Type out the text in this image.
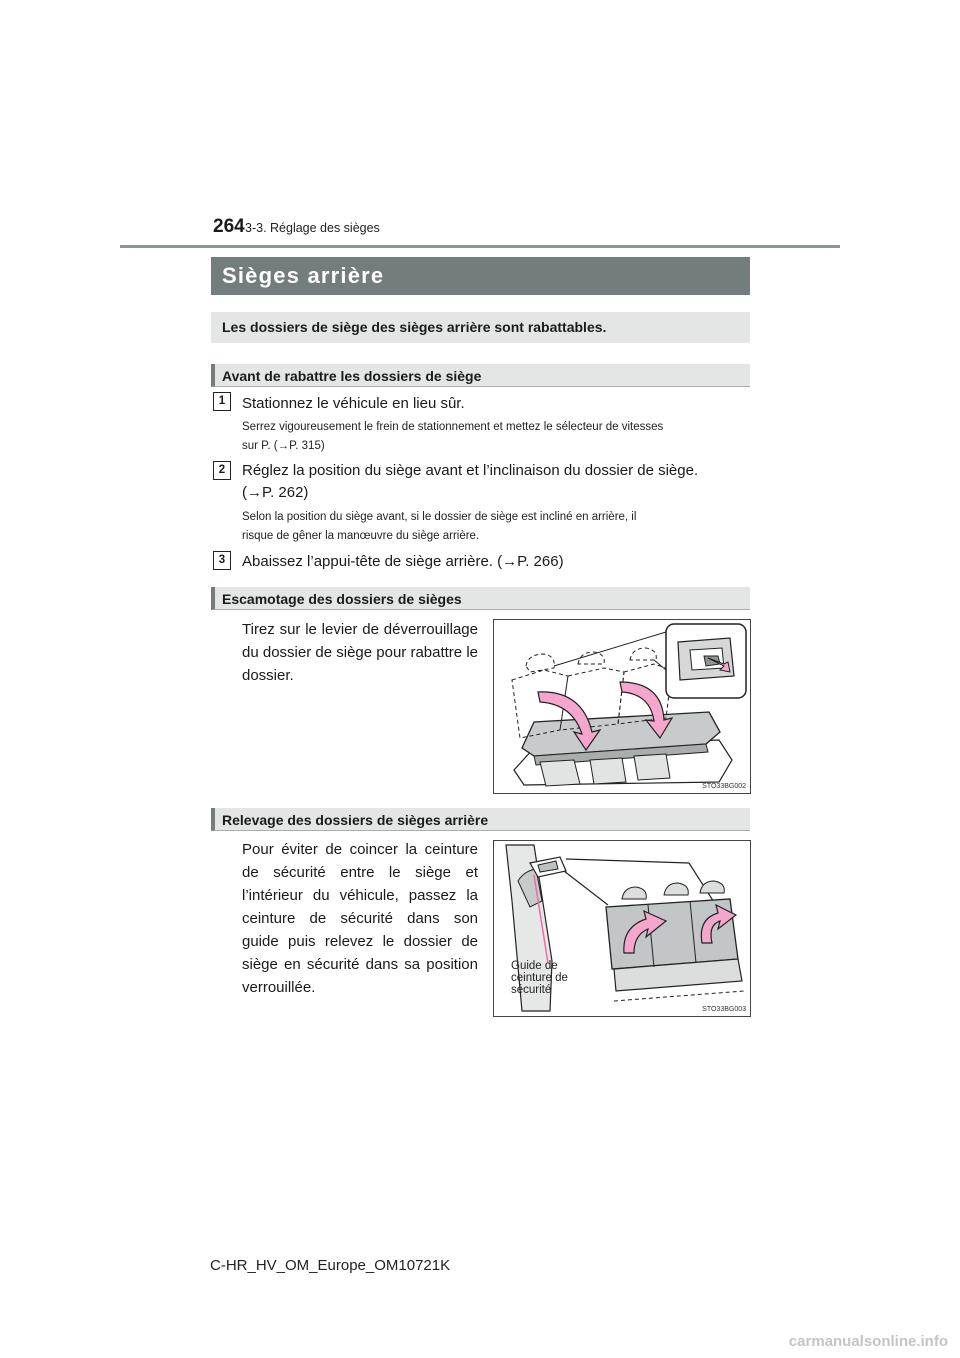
264 3-3. Réglage des sièges
Sièges arrière
Les dossiers de siège des sièges arrière sont rabattables.
Avant de rabattre les dossiers de siège
1	Stationnez le véhicule en lieu sûr.
Serrez vigoureusement le frein de stationnement et mettez le sélecteur de vitesses
sur P. (→P. 315)
2	Réglez la position du siège avant et l’inclinaison du dossier de siège.
(→P. 262)
Selon la position du siège avant, si le dossier de siège est incliné en arrière, il
risque de gêner la manœuvre du siège arrière.
3	Abaissez l’appui-tête de siège arrière. (→P. 266)
Escamotage des dossiers de sièges
Tirez sur le levier de déverrouillage du dossier de siège pour rabattre le dossier.
STO33BG002
Relevage des dossiers de sièges arrière
Pour éviter de coincer la ceinture de sécurité entre le siège et l’intérieur du véhicule, passez la ceinture de sécurité dans son guide puis relevez le dossier de siège en sécurité dans sa position verrouillée.
Guide de
ceinture de
sécurité
STO33BG003
C-HR_HV_OM_Europe_OM10721K
carmanualsonline.info
